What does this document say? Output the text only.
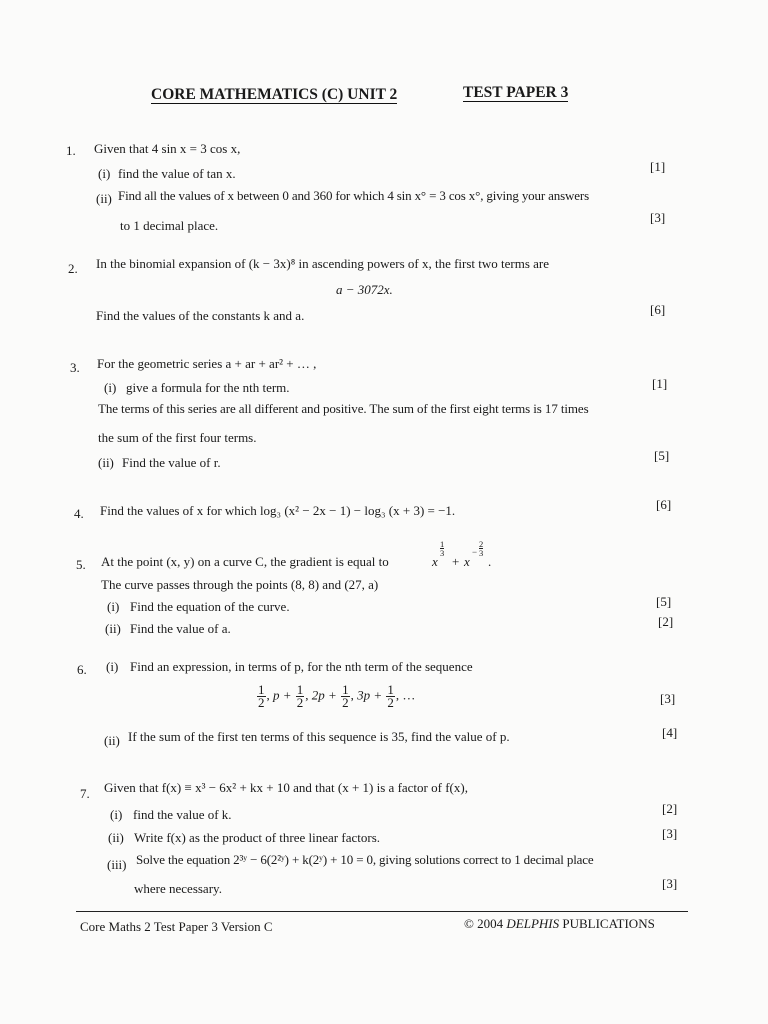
CORE MATHEMATICS (C) UNIT 2	TEST PAPER 3
1. Given that 4 sin x = 3 cos x,
(i) find the value of tan x.	[1]
(ii) Find all the values of x between 0 and 360 for which 4 sin x° = 3 cos x°, giving your answers
to 1 decimal place.
[3]
2. In the binomial expansion of (k − 3x)⁸ in ascending powers of x, the first two terms are
a − 3072x.
Find the values of the constants k and a.	[6]
3. For the geometric series a + ar + ar² + … ,
(i) give a formula for the nth term.	[1]
The terms of this series are all different and positive. The sum of the first eight terms is 17 times
the sum of the first four terms.
(ii) Find the value of r.	[5]
4. Find the values of x for which log₃ (x² − 2x − 1) − log₃ (x + 3) = −1.	[6]
5. At the point (x, y) on a curve C, the gradient is equal to	x
1
3
+ x
−
2
3
.
The curve passes through the points (8, 8) and (27, a)
(i) Find the equation of the curve.	[5]
(ii) Find the value of a.	[2]
6. (i) Find an expression, in terms of p, for the nth term of the sequence
$\frac{1}{2}$ , $p + \frac{1}{2}$ , $2p + \frac{1}{2}$ , $3p + \frac{1}{2}$ , …	[3]
(ii) If the sum of the first ten terms of this sequence is 35, find the value of p.	[4]
7. Given that f(x) ≡ x³ − 6x² + kx + 10 and that (x + 1) is a factor of f(x),
(i) find the value of k.	[2]
(ii) Write f(x) as the product of three linear factors.	[3]
(iii) Solve the equation 2³ʸ − 6(2²ʸ) + k(2ʸ) + 10 = 0, giving solutions correct to 1 decimal place
where necessary.	[3]
Core Maths 2 Test Paper 3 Version C	© 2004 DELPHIS PUBLICATIONS
